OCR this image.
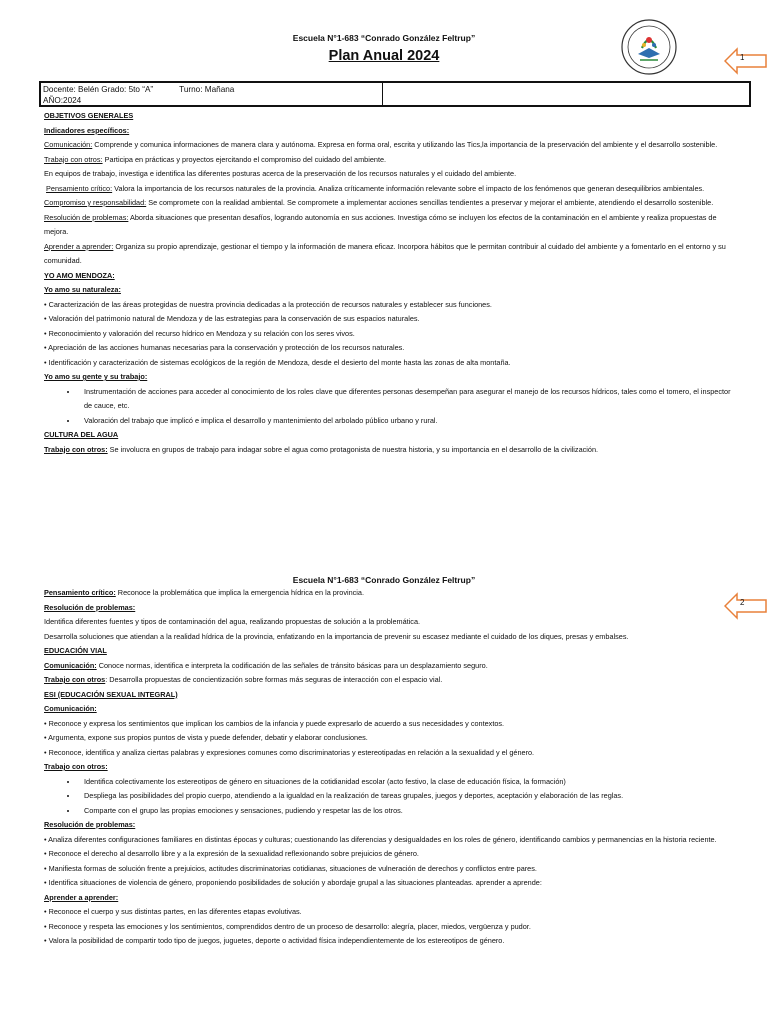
Escuela N°1-683 “Conrado González Feltrup”
Plan Anual 2024	1
Docente: Belén Grado: 5to “A”	Turno: Mañana
AÑO:2024

OBJETIVOS GENERALES

Indicadores específicos:

Comunicación: Comprende y comunica informaciones de manera clara y autónoma. Expresa en forma oral, escrita y utilizando las Tics,la importancia de la preservación del ambiente y el desarrollo sostenible.

Trabajo con otros: Participa en prácticas y proyectos ejercitando el compromiso del cuidado del ambiente.

En equipos de trabajo, investiga e identifica las diferentes posturas acerca de la preservación de los recursos naturales y el cuidado del ambiente.

Pensamiento crítico: Valora la importancia de los recursos naturales de la provincia. Analiza críticamente información relevante sobre el impacto de los fenómenos que generan desequilibrios ambientales.

Compromiso y responsabilidad: Se compromete con la realidad ambiental. Se compromete a implementar acciones sencillas tendientes a preservar y mejorar el ambiente, atendiendo el desarrollo sostenible.

Resolución de problemas: Aborda situaciones que presentan desafíos, logrando autonomía en sus acciones. Investiga cómo se incluyen los efectos de la contaminación en el ambiente y realiza propuestas de mejora.

Aprender a aprender: Organiza su propio aprendizaje, gestionar el tiempo y la información de manera eficaz. Incorpora hábitos que le permitan contribuir al cuidado del ambiente y a fomentarlo en el entorno y su comunidad.

YO AMO MENDOZA:

Yo amo su naturaleza:

• Caracterización de las áreas protegidas de nuestra provincia dedicadas a la protección de recursos naturales y establecer sus funciones.

• Valoración del patrimonio natural de Mendoza y de las estrategias para la conservación de sus espacios naturales.

• Reconocimiento y valoración del recurso hídrico en Mendoza y su relación con los seres vivos.

• Apreciación de las acciones humanas necesarias para la conservación y protección de los recursos naturales.

• Identificación y caracterización de sistemas ecológicos de la región de Mendoza, desde el desierto del monte hasta las zonas de alta montaña.

Yo amo su gente y su trabajo:

• Instrumentación de acciones para acceder al conocimiento de los roles clave que diferentes personas desempeñan para asegurar el manejo de los recursos hídricos, tales como el tomero, el inspector de cauce, etc.
• Valoración del trabajo que implicó e implica el desarrollo y mantenimiento del arbolado público urbano y rural.

CULTURA DEL AGUA

Trabajo con otros: Se involucra en grupos de trabajo para indagar sobre el agua como protagonista de nuestra historia, y su importancia en el desarrollo de la civilización.

Escuela N°1-683 “Conrado González Feltrup”
2

Pensamiento crítico: Reconoce la problemática que implica la emergencia hídrica en la provincia.

Resolución de problemas:

Identifica diferentes fuentes y tipos de contaminación del agua, realizando propuestas de solución a la problemática.

Desarrolla soluciones que atiendan a la realidad hídrica de la provincia, enfatizando en la importancia de prevenir su escasez mediante el cuidado de los diques, presas y embalses.

EDUCACIÓN VIAL

Comunicación: Conoce normas, identifica e interpreta la codificación de las señales de tránsito básicas para un desplazamiento seguro.

Trabajo con otros: Desarrolla propuestas de concientización sobre formas más seguras de interacción con el espacio vial.

ESI (EDUCACIÓN SEXUAL INTEGRAL)

Comunicación:

• Reconoce y expresa los sentimientos que implican los cambios de la infancia y puede expresarlo de acuerdo a sus necesidades y contextos.

• Argumenta, expone sus propios puntos de vista y puede defender, debatir y elaborar conclusiones.

• Reconoce, identifica y analiza ciertas palabras y expresiones comunes como discriminatorias y estereotipadas en relación a la sexualidad y el género.

Trabajo con otros:

• Identifica colectivamente los estereotipos de género en situaciones de la cotidianidad escolar (acto festivo, la clase de educación física, la formación)
• Despliega las posibilidades del propio cuerpo, atendiendo a la igualdad en la realización de tareas grupales, juegos y deportes, aceptación y elaboración de las reglas.
• Comparte con el grupo las propias emociones y sensaciones, pudiendo y respetar las de los otros.

Resolución de problemas:

• Analiza diferentes configuraciones familiares en distintas épocas y culturas; cuestionando las diferencias y desigualdades en los roles de género, identificando cambios y permanencias en la historia reciente.

• Reconoce el derecho al desarrollo libre y a la expresión de la sexualidad reflexionando sobre prejuicios de género.

• Manifiesta formas de solución frente a prejuicios, actitudes discriminatorias cotidianas, situaciones de vulneración de derechos y conflictos entre pares.

• Identifica situaciones de violencia de género, proponiendo posibilidades de solución y abordaje grupal a las situaciones planteadas. aprender a aprende:

Aprender a aprender:

• Reconoce el cuerpo y sus distintas partes, en las diferentes etapas evolutivas.

• Reconoce y respeta las emociones y los sentimientos, comprendidos dentro de un proceso de desarrollo: alegría, placer, miedos, vergüenza y pudor.

• Valora la posibilidad de compartir todo tipo de juegos, juguetes, deporte o actividad física independientemente de los estereotipos de género.
